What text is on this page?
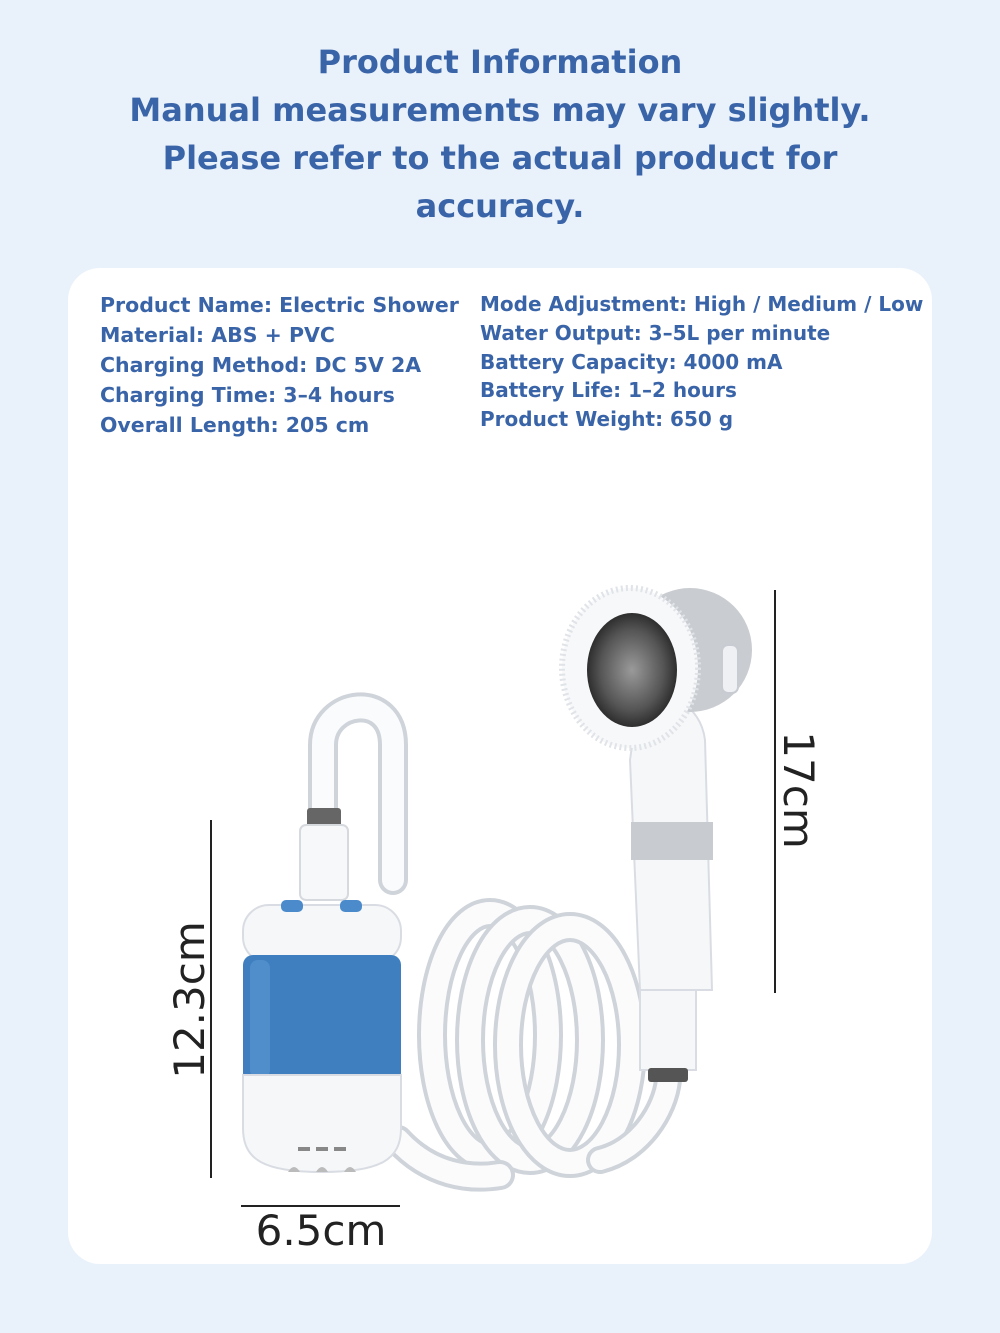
Product Information
Manual measurements may vary slightly.
Please refer to the actual product for
accuracy.
Product Name: Electric Shower
Material: ABS + PVC
Charging Method: DC 5V 2A
Charging Time: 3–4 hours
Overall Length: 205 cm
Mode Adjustment: High / Medium / Low
Water Output: 3–5L per minute
Battery Capacity: 4000 mA
Battery Life: 1–2 hours
Product Weight: 650 g
12.3cm
6.5cm
17cm
